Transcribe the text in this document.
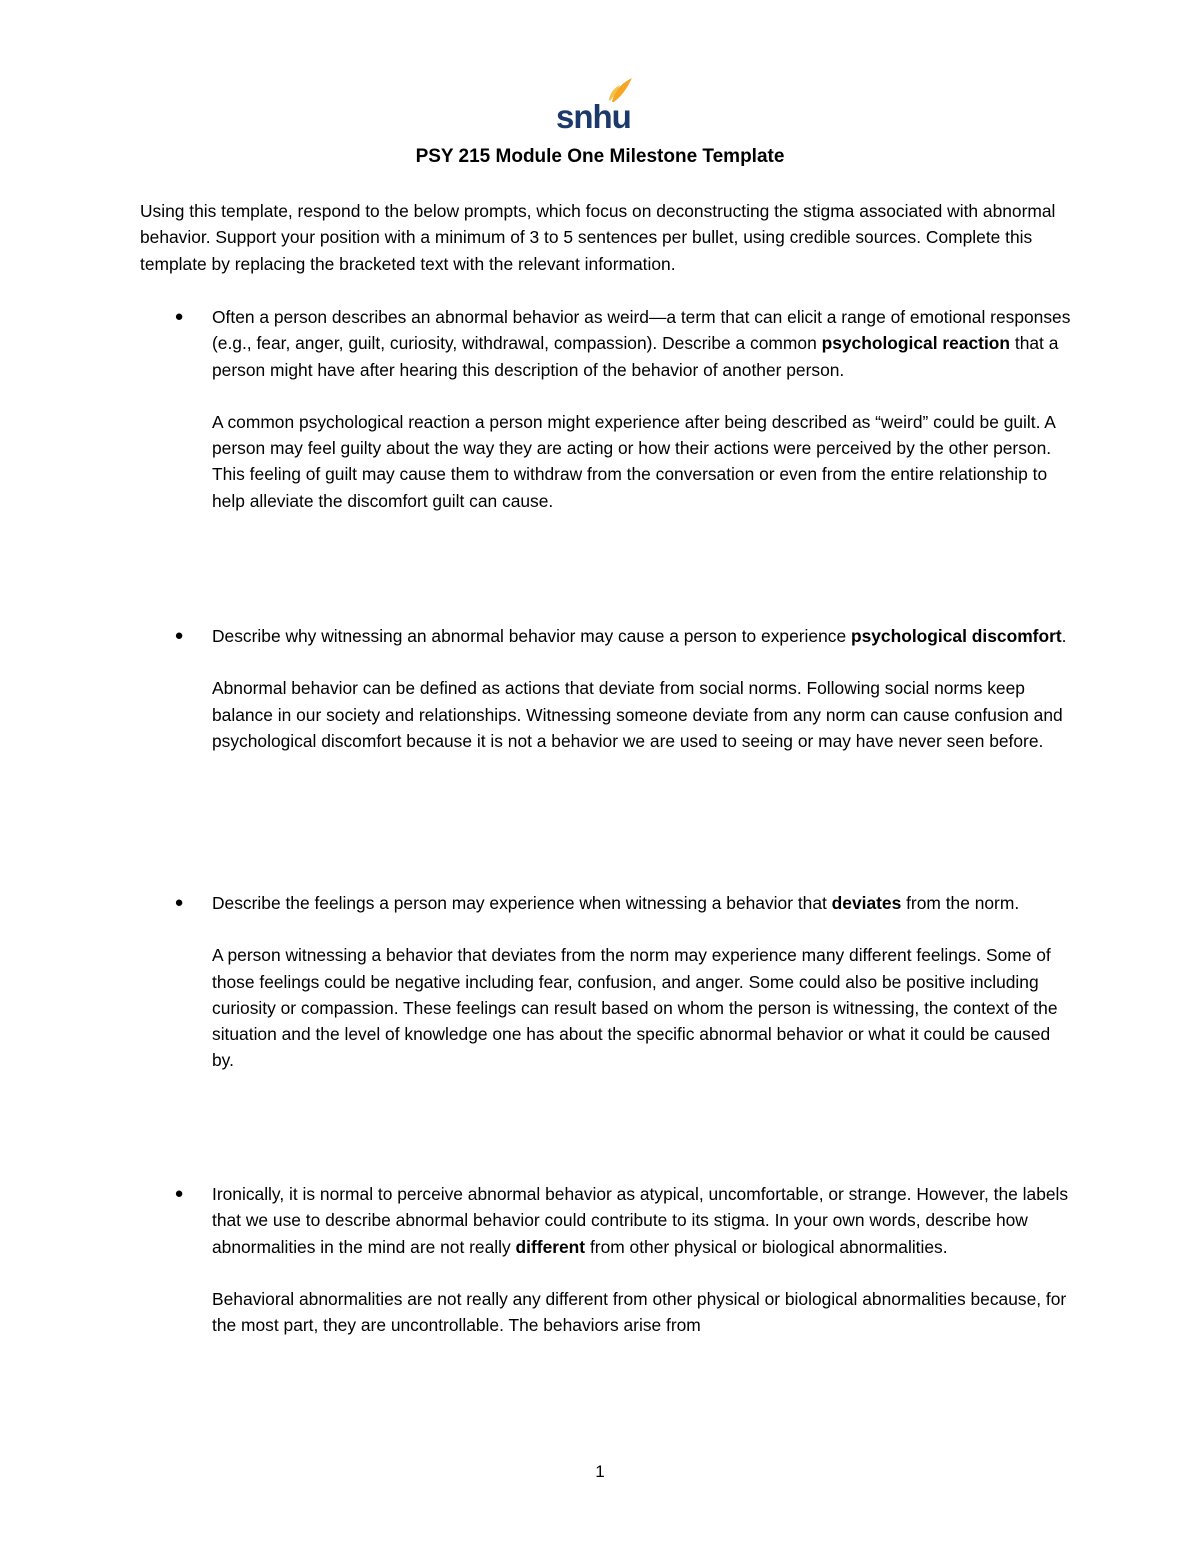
snhu
PSY 215 Module One Milestone Template

Using this template, respond to the below prompts, which focus on deconstructing the stigma associated with abnormal behavior. Support your position with a minimum of 3 to 5 sentences per bullet, using credible sources. Complete this template by replacing the bracketed text with the relevant information.

● Often a person describes an abnormal behavior as weird—a term that can elicit a range of emotional responses (e.g., fear, anger, guilt, curiosity, withdrawal, compassion). Describe a common psychological reaction that a person might have after hearing this description of the behavior of another person.

A common psychological reaction a person might experience after being described as “weird” could be guilt. A person may feel guilty about the way they are acting or how their actions were perceived by the other person. This feeling of guilt may cause them to withdraw from the conversation or even from the entire relationship to help alleviate the discomfort guilt can cause.

● Describe why witnessing an abnormal behavior may cause a person to experience psychological discomfort.

Abnormal behavior can be defined as actions that deviate from social norms. Following social norms keep balance in our society and relationships. Witnessing someone deviate from any norm can cause confusion and psychological discomfort because it is not a behavior we are used to seeing or may have never seen before.

● Describe the feelings a person may experience when witnessing a behavior that deviates from the norm.

A person witnessing a behavior that deviates from the norm may experience many different feelings. Some of those feelings could be negative including fear, confusion, and anger. Some could also be positive including curiosity or compassion. These feelings can result based on whom the person is witnessing, the context of the situation and the level of knowledge one has about the specific abnormal behavior or what it could be caused by.

● Ironically, it is normal to perceive abnormal behavior as atypical, uncomfortable, or strange. However, the labels that we use to describe abnormal behavior could contribute to its stigma. In your own words, describe how abnormalities in the mind are not really different from other physical or biological abnormalities.

Behavioral abnormalities are not really any different from other physical or biological abnormalities because, for the most part, they are uncontrollable. The behaviors arise from

1
